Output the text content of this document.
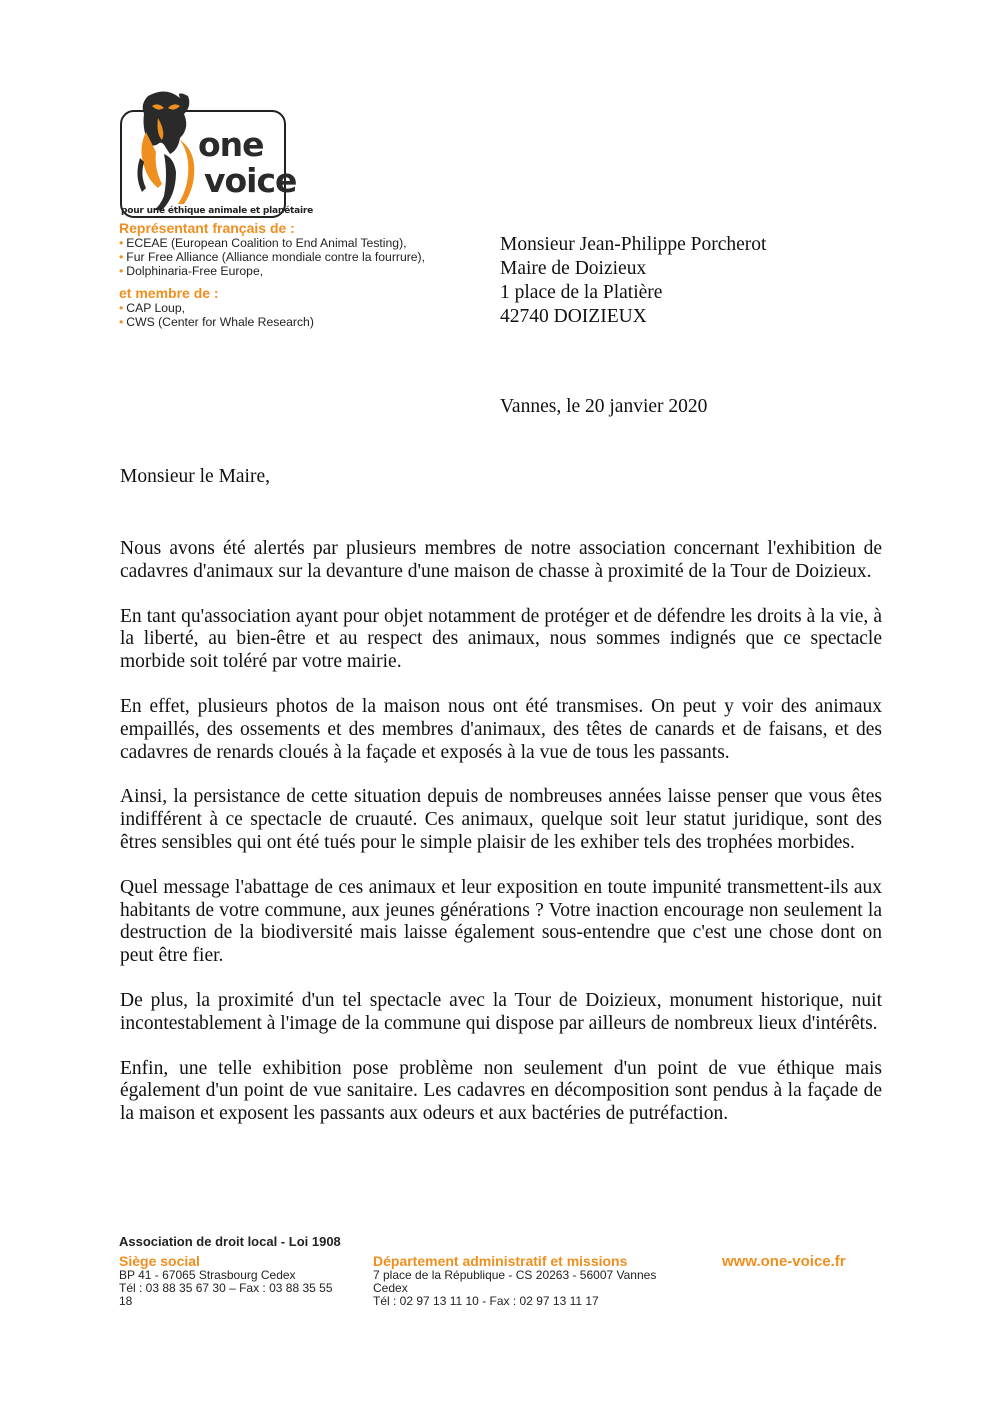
one
voice
pour une éthique animale et planétaire
Représentant français de :
• ECEAE (European Coalition to End Animal Testing),
• Fur Free Alliance (Alliance mondiale contre la fourrure),
• Dolphinaria-Free Europe,
et membre de :
• CAP Loup,
• CWS (Center for Whale Research)
Monsieur Jean-Philippe Porcherot
Maire de Doizieux
1 place de la Platière
42740 DOIZIEUX
Vannes, le 20 janvier 2020
Monsieur le Maire,

Nous avons été alertés par plusieurs membres de notre association concernant l'exhibition de cadavres d'animaux sur la devanture d'une maison de chasse à proximité de la Tour de Doizieux.

En tant qu'association ayant pour objet notamment de protéger et de défendre les droits à la vie, à la liberté, au bien-être et au respect des animaux, nous sommes indignés que ce spectacle morbide soit toléré par votre mairie.

En effet, plusieurs photos de la maison nous ont été transmises. On peut y voir des animaux empaillés, des ossements et des membres d'animaux, des têtes de canards et de faisans, et des cadavres de renards cloués à la façade et exposés à la vue de tous les passants.

Ainsi, la persistance de cette situation depuis de nombreuses années laisse penser que vous êtes indifférent à ce spectacle de cruauté. Ces animaux, quelque soit leur statut juridique, sont des êtres sensibles qui ont été tués pour le simple plaisir de les exhiber tels des trophées morbides.

Quel message l'abattage de ces animaux et leur exposition en toute impunité transmettent-ils aux habitants de votre commune, aux jeunes générations ? Votre inaction encourage non seulement la destruction de la biodiversité mais laisse également sous-entendre que c'est une chose dont on peut être fier.

De plus, la proximité d'un tel spectacle avec la Tour de Doizieux, monument historique, nuit incontestablement à l'image de la commune qui dispose par ailleurs de nombreux lieux d'intérêts.

Enfin, une telle exhibition pose problème non seulement d'un point de vue éthique mais également d'un point de vue sanitaire. Les cadavres en décomposition sont pendus à la façade de la maison et exposent les passants aux odeurs et aux bactéries de putréfaction.

Association de droit local - Loi 1908
Siège social
BP 41 - 67065 Strasbourg Cedex
Tél : 03 88 35 67 30 – Fax : 03 88 35 55
18
Département administratif et missions
7 place de la République - CS 20263 - 56007 Vannes
Cedex
Tél : 02 97 13 11 10 - Fax : 02 97 13 11 17
www.one-voice.fr
